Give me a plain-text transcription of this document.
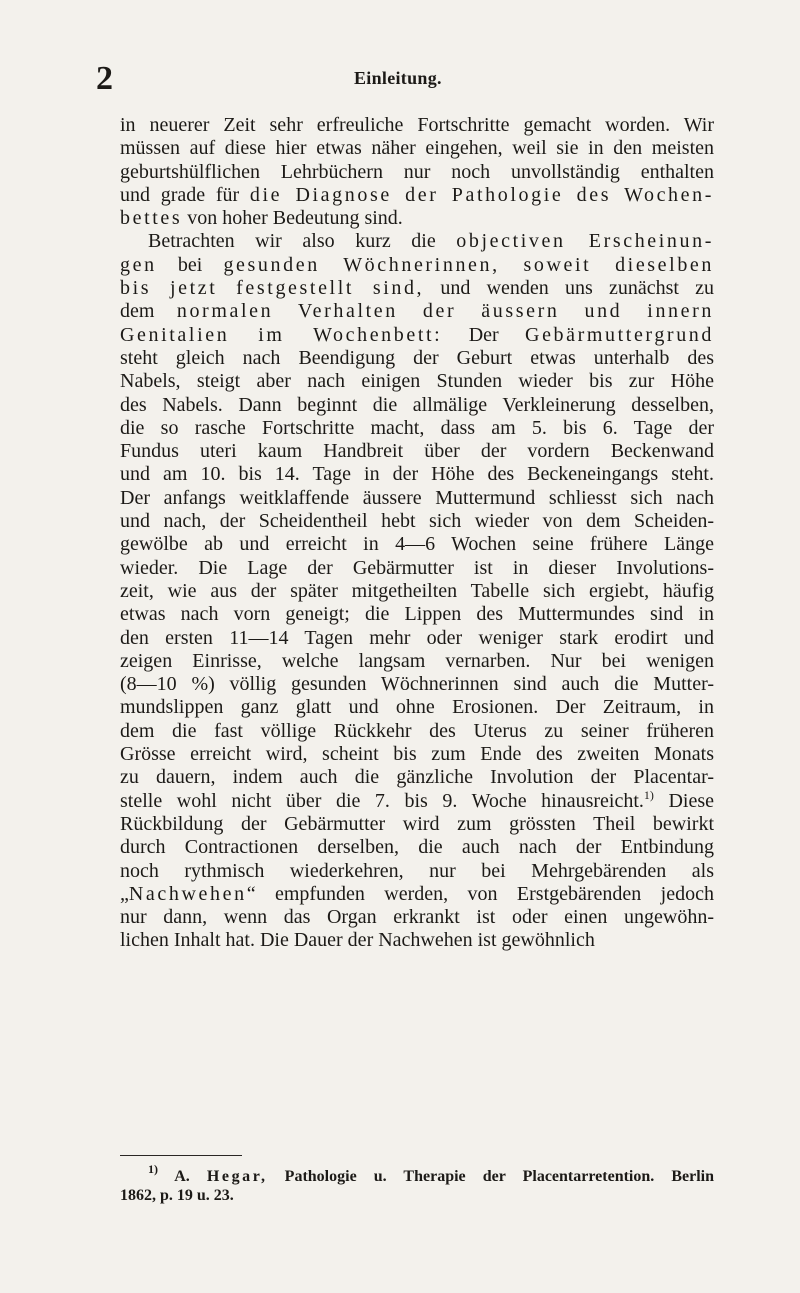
2	Einleitung.
in neuerer Zeit sehr erfreuliche Fortschritte gemacht worden. Wir
müssen auf diese hier etwas näher eingehen, weil sie in den meisten
geburtshülflichen Lehrbüchern nur noch unvollständig enthalten
und grade für die Diagnose der Pathologie des Wochen-
bettes von hoher Bedeutung sind.
Betrachten wir also kurz die objectiven Erscheinun-
gen bei gesunden Wöchnerinnen, soweit dieselben
bis jetzt festgestellt sind, und wenden uns zunächst zu
dem normalen Verhalten der äussern und innern
Genitalien im Wochenbett: Der Gebärmuttergrund
steht gleich nach Beendigung der Geburt etwas unterhalb des
Nabels, steigt aber nach einigen Stunden wieder bis zur Höhe
des Nabels. Dann beginnt die allmälige Verkleinerung desselben,
die so rasche Fortschritte macht, dass am 5. bis 6. Tage der
Fundus uteri kaum Handbreit über der vordern Beckenwand
und am 10. bis 14. Tage in der Höhe des Beckeneingangs steht.
Der anfangs weitklaffende äussere Muttermund schliesst sich nach
und nach, der Scheidentheil hebt sich wieder von dem Scheiden-
gewölbe ab und erreicht in 4—6 Wochen seine frühere Länge
wieder. Die Lage der Gebärmutter ist in dieser Involutions-
zeit, wie aus der später mitgetheilten Tabelle sich ergiebt, häufig
etwas nach vorn geneigt; die Lippen des Muttermundes sind in
den ersten 11—14 Tagen mehr oder weniger stark erodirt und
zeigen Einrisse, welche langsam vernarben. Nur bei wenigen
(8—10 %) völlig gesunden Wöchnerinnen sind auch die Mutter-
mundslippen ganz glatt und ohne Erosionen. Der Zeitraum, in
dem die fast völlige Rückkehr des Uterus zu seiner früheren
Grösse erreicht wird, scheint bis zum Ende des zweiten Monats
zu dauern, indem auch die gänzliche Involution der Placentar-
stelle wohl nicht über die 7. bis 9. Woche hinausreicht.$^{1)}$ Diese
Rückbildung der Gebärmutter wird zum grössten Theil bewirkt
durch Contractionen derselben, die auch nach der Entbindung
noch rythmisch wiederkehren, nur bei Mehrgebärenden als
„Nachwehen“ empfunden werden, von Erstgebärenden jedoch
nur dann, wenn das Organ erkrankt ist oder einen ungewöhn-
lichen Inhalt hat. Die Dauer der Nachwehen ist gewöhnlich
$^{1)}$ A. Hegar, Pathologie u. Therapie der Placentarretention. Berlin
1862, p. 19 u. 23.
